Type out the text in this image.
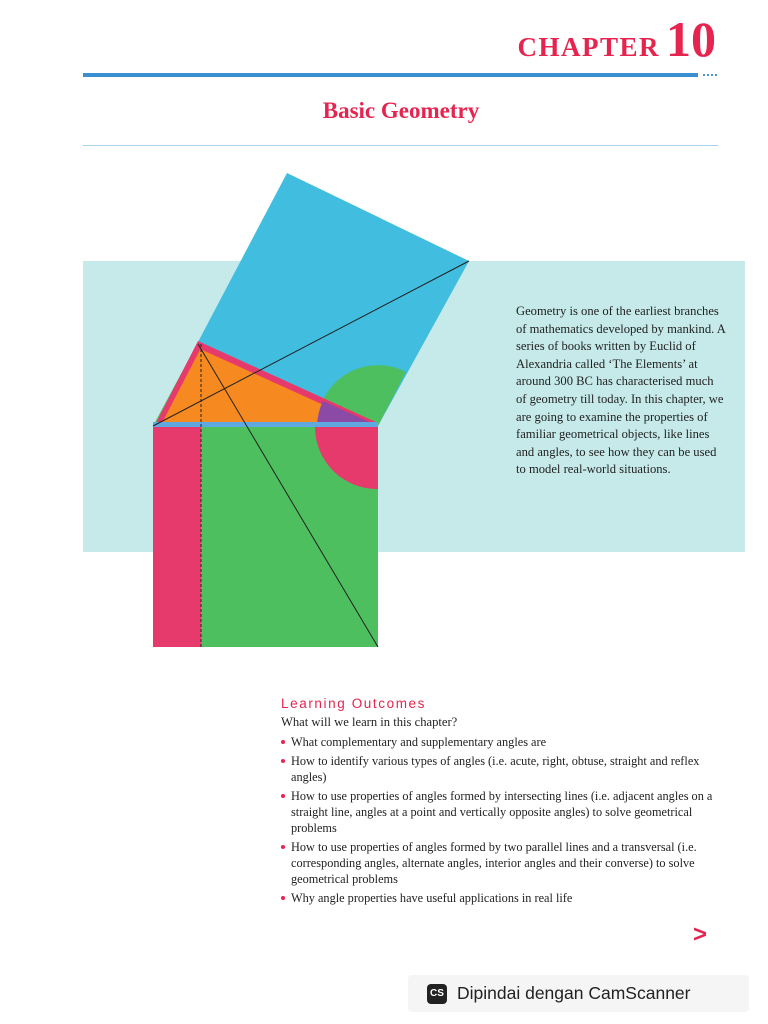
CHAPTER 10
Basic Geometry

Geometry is one of the earliest branches of mathematics developed by mankind. A series of books written by Euclid of Alexandria called ‘The Elements’ at around 300 BC has characterised much of geometry till today. In this chapter, we are going to examine the properties of familiar geometrical objects, like lines and angles, to see how they can be used to model real-world situations.

Learning Outcomes

What will we learn in this chapter?

What complementary and supplementary angles are
How to identify various types of angles (i.e. acute, right, obtuse, straight and reflex angles)
How to use properties of angles formed by intersecting lines (i.e. adjacent angles on a straight line, angles at a point and vertically opposite angles) to solve geometrical problems
How to use properties of angles formed by two parallel lines and a transversal (i.e. corresponding angles, alternate angles, interior angles and their converse) to solve geometrical problems
Why angle properties have useful applications in real life
>
CS Dipindai dengan CamScanner
